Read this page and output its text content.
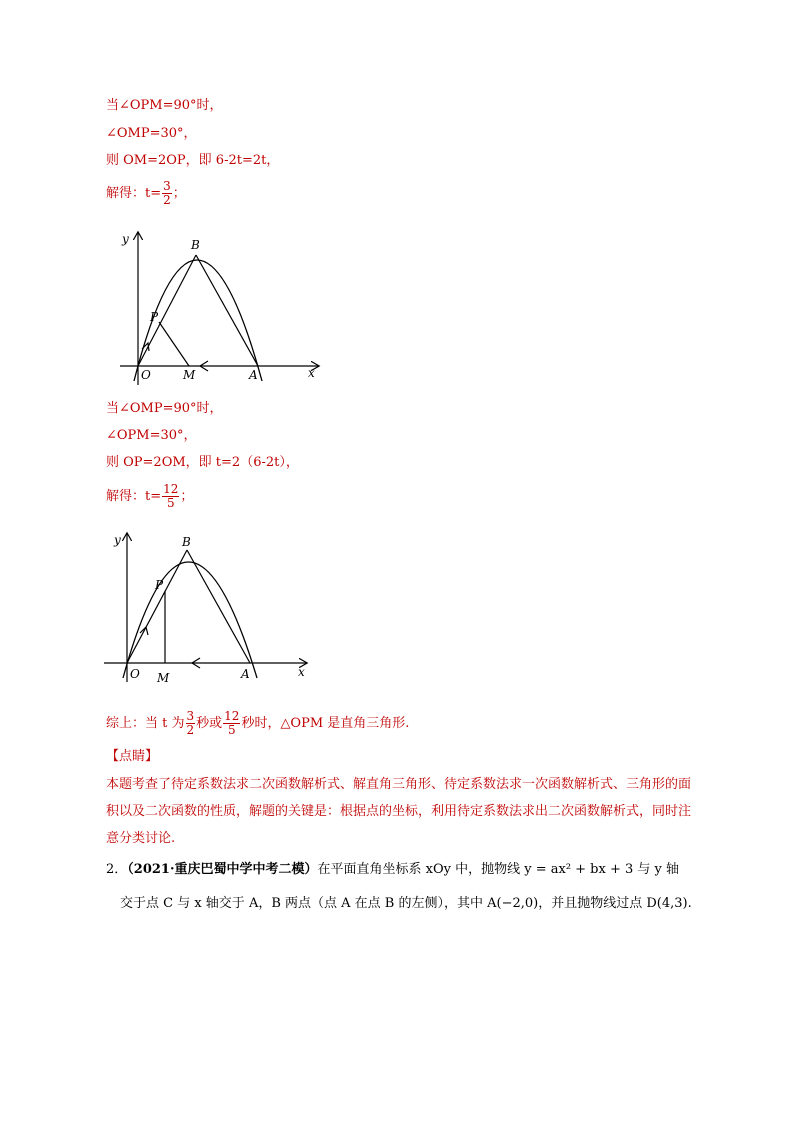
当∠OPM=90°时，
∠OMP=30°，
则 OM=2OP，即 6-2t=2t，
解得：$t= \frac{3}{2}$ ；
y
x
O	M	A
B
P
当∠OMP=90°时，
∠OPM=30°，
则 OP=2OM，即 t=2（6-2t），
解得：$t= \frac{12}{5}$ ；
y
x
O M	A
B
P
综上：当 t 为 $\frac{3}{2}$ 秒或 $\frac{12}{5}$ 秒时，△OPM 是直角三角形.
【点睛】
本题考查了待定系数法求二次函数解析式、解直角三角形、待定系数法求一次函数解析式、三角形的面积以及二次函数的性质，解题的关键是：根据点的坐标，利用待定系数法求出二次函数解析式，同时注意分类讨论.
2．（2021·重庆巴蜀中学中考二模）在平面直角坐标系 xOy 中，抛物线 y = ax² + bx + 3 与 y 轴
交于点 C 与 x 轴交于 A，B 两点（点 A 在点 B 的左侧），其中 A(−2,0)，并且抛物线过点 D(4,3).
